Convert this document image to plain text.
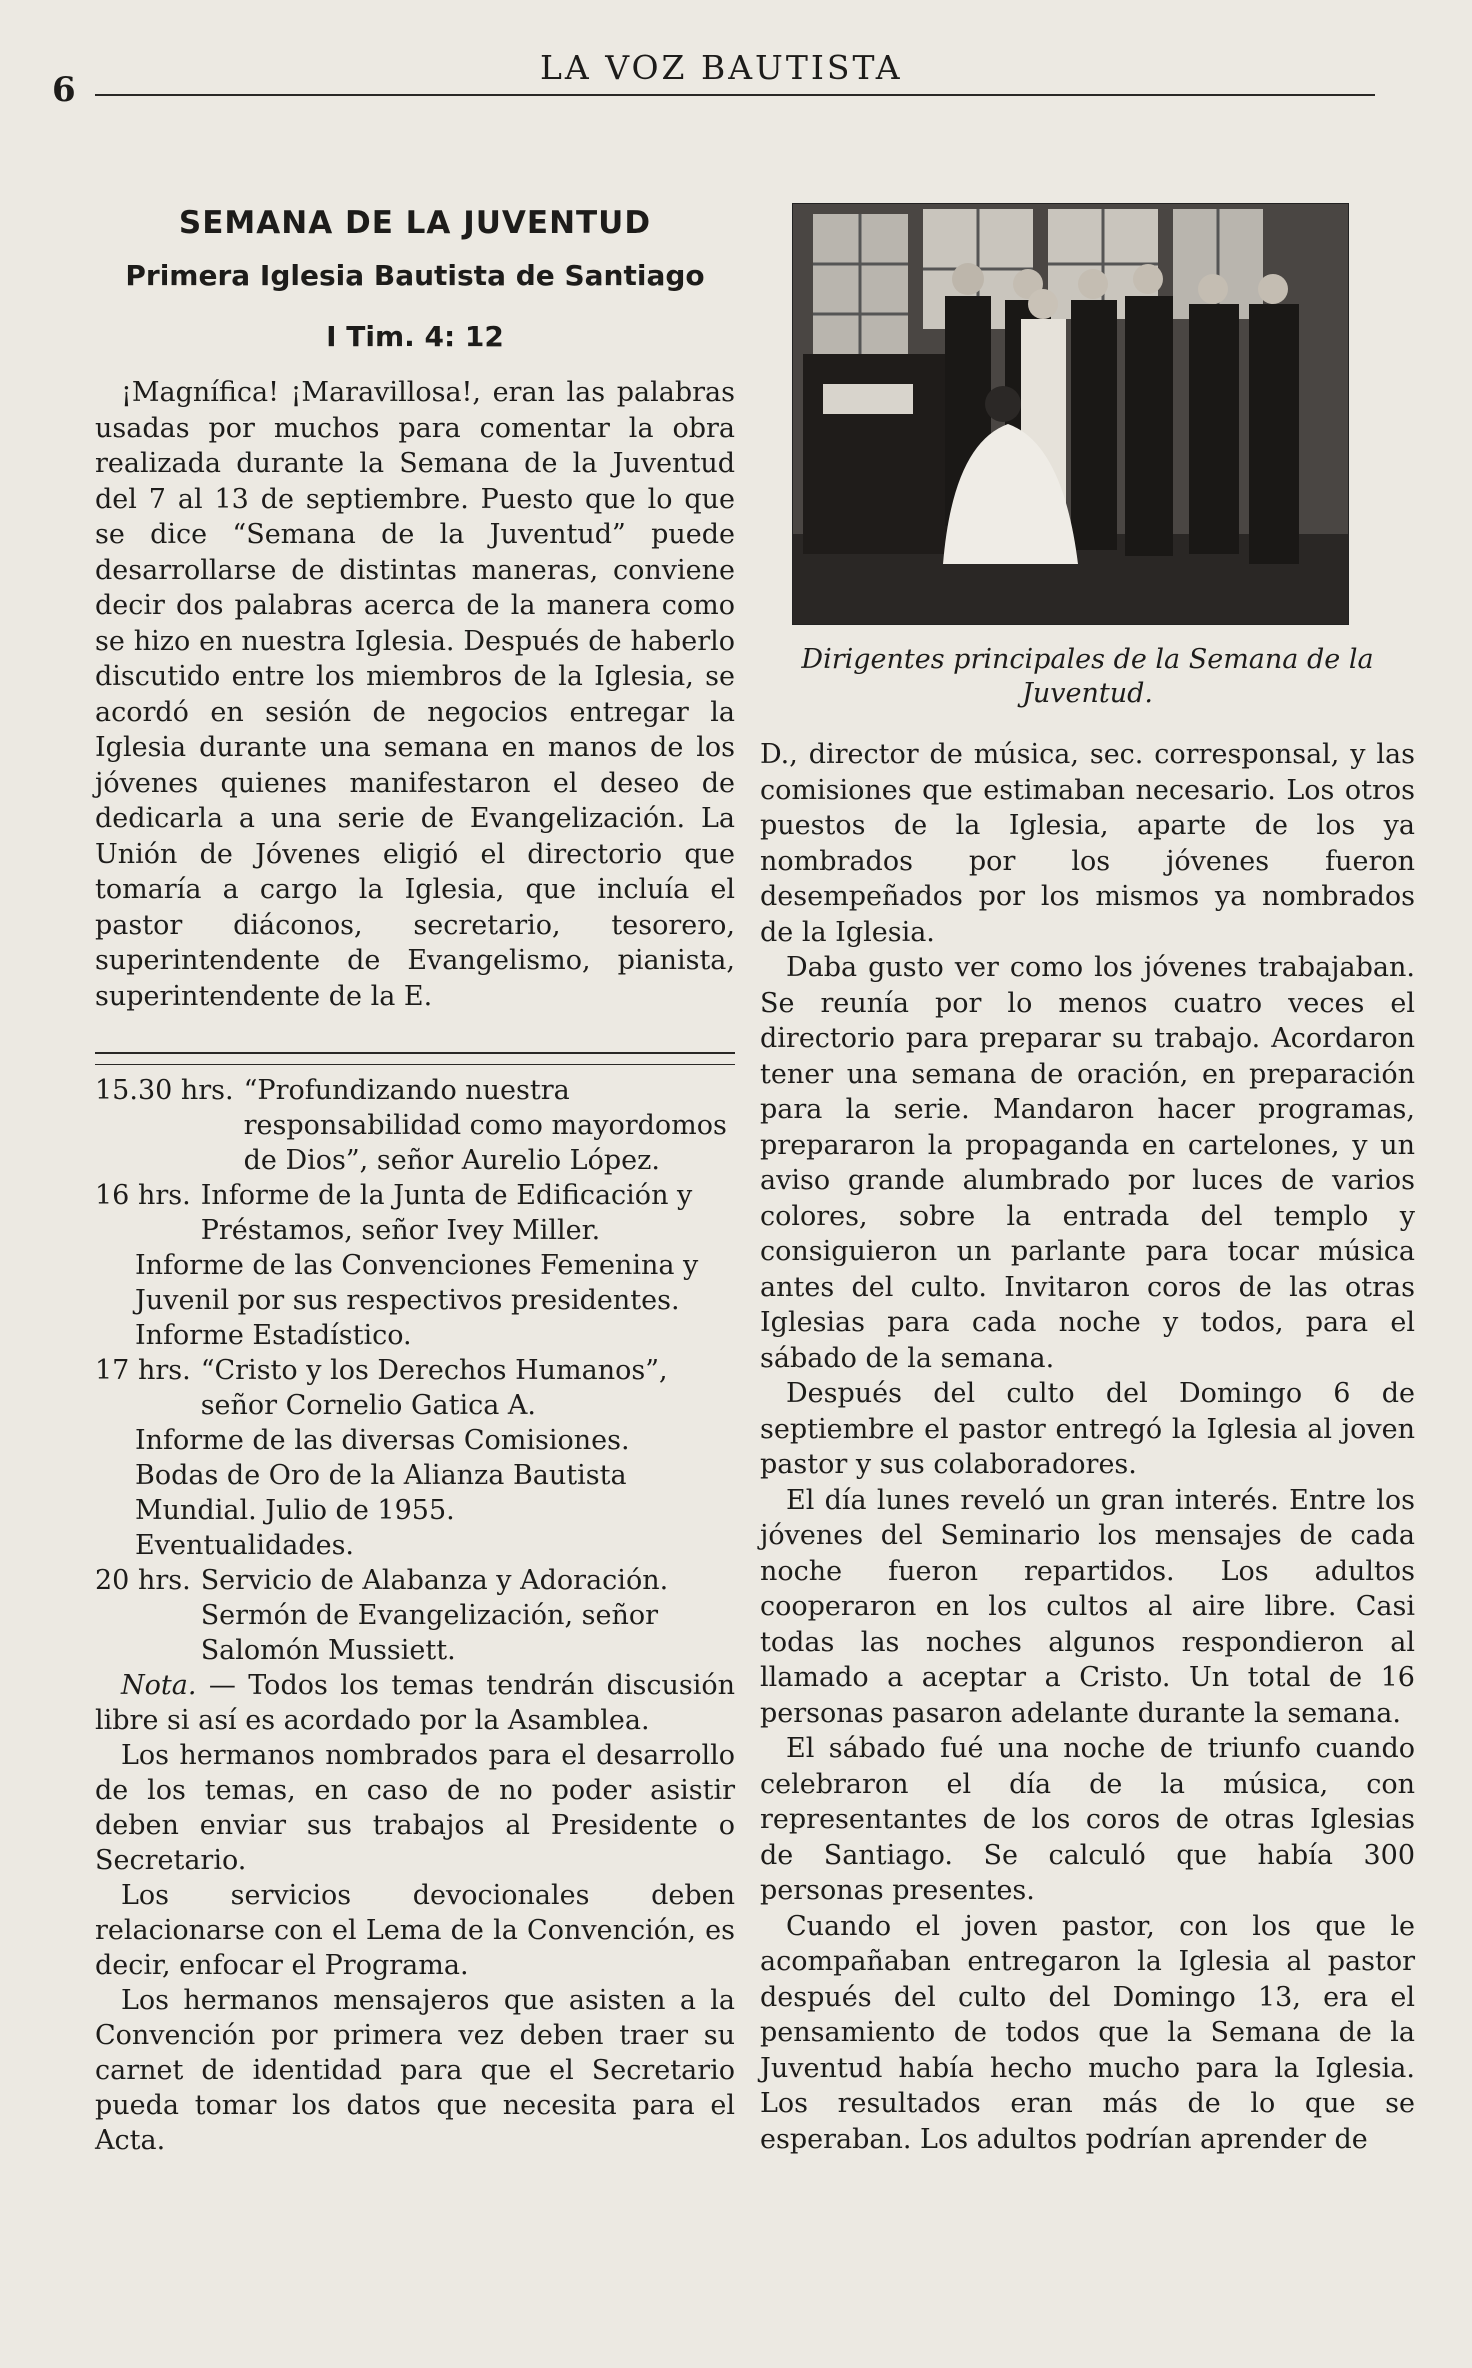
6
LA VOZ BAUTISTA
SEMANA DE LA JUVENTUD
Primera Iglesia Bautista de Santiago
I Tim. 4: 12

¡Magnífica! ¡Maravillosa!, eran las palabras usadas por muchos para comentar la obra realizada durante la Semana de la Juventud del 7 al 13 de septiembre. Puesto que lo que se dice “Semana de la Juventud” puede desarrollarse de distintas maneras, conviene decir dos palabras acerca de la manera como se hizo en nuestra Iglesia. Después de haberlo discutido entre los miembros de la Iglesia, se acordó en sesión de negocios entregar la Iglesia durante una semana en manos de los jóvenes quienes manifestaron el deseo de dedicarla a una serie de Evangelización. La Unión de Jóvenes eligió el directorio que tomaría a cargo la Iglesia, que incluía el pastor diáconos, secretario, tesorero, superintendente de Evangelismo, pianista, superintendente de la E.

15.30 hrs. “Profundizando nuestra responsabilidad como mayordomos de Dios”, señor Aurelio López.
16 hrs. Informe de la Junta de Edificación y Préstamos, señor Ivey Miller.
Informe de las Convenciones Femenina y Juvenil por sus respectivos presidentes.
Informe Estadístico.
17 hrs. “Cristo y los Derechos Humanos”, señor Cornelio Gatica A.
Informe de las diversas Comisiones.
Bodas de Oro de la Alianza Bautista Mundial. Julio de 1955.
Eventualidades.
20 hrs. Servicio de Alabanza y Adoración. Sermón de Evangelización, señor Salomón Mussiett.

Nota. — Todos los temas tendrán discusión libre si así es acordado por la Asamblea.

Los hermanos nombrados para el desarrollo de los temas, en caso de no poder asistir deben enviar sus trabajos al Presidente o Secretario.

Los servicios devocionales deben relacionarse con el Lema de la Convención, es decir, enfocar el Programa.

Los hermanos mensajeros que asisten a la Convención por primera vez deben traer su carnet de identidad para que el Secretario pueda tomar los datos que necesita para el Acta.

Dirigentes principales de la Semana de la Juventud.

D., director de música, sec. corresponsal, y las comisiones que estimaban necesario. Los otros puestos de la Iglesia, aparte de los ya nombrados por los jóvenes fueron desempeñados por los mismos ya nombrados de la Iglesia.

Daba gusto ver como los jóvenes trabajaban. Se reunía por lo menos cuatro veces el directorio para preparar su trabajo. Acordaron tener una semana de oración, en preparación para la serie. Mandaron hacer programas, prepararon la propaganda en cartelones, y un aviso grande alumbrado por luces de varios colores, sobre la entrada del templo y consiguieron un parlante para tocar música antes del culto. Invitaron coros de las otras Iglesias para cada noche y todos, para el sábado de la semana.

Después del culto del Domingo 6 de septiembre el pastor entregó la Iglesia al joven pastor y sus colaboradores.

El día lunes reveló un gran interés. Entre los jóvenes del Seminario los mensajes de cada noche fueron repartidos. Los adultos cooperaron en los cultos al aire libre. Casi todas las noches algunos respondieron al llamado a aceptar a Cristo. Un total de 16 personas pasaron adelante durante la semana.

El sábado fué una noche de triunfo cuando celebraron el día de la música, con representantes de los coros de otras Iglesias de Santiago. Se calculó que había 300 personas presentes.

Cuando el joven pastor, con los que le acompañaban entregaron la Iglesia al pastor después del culto del Domingo 13, era el pensamiento de todos que la Semana de la Juventud había hecho mucho para la Iglesia. Los resultados eran más de lo que se esperaban. Los adultos podrían aprender de
